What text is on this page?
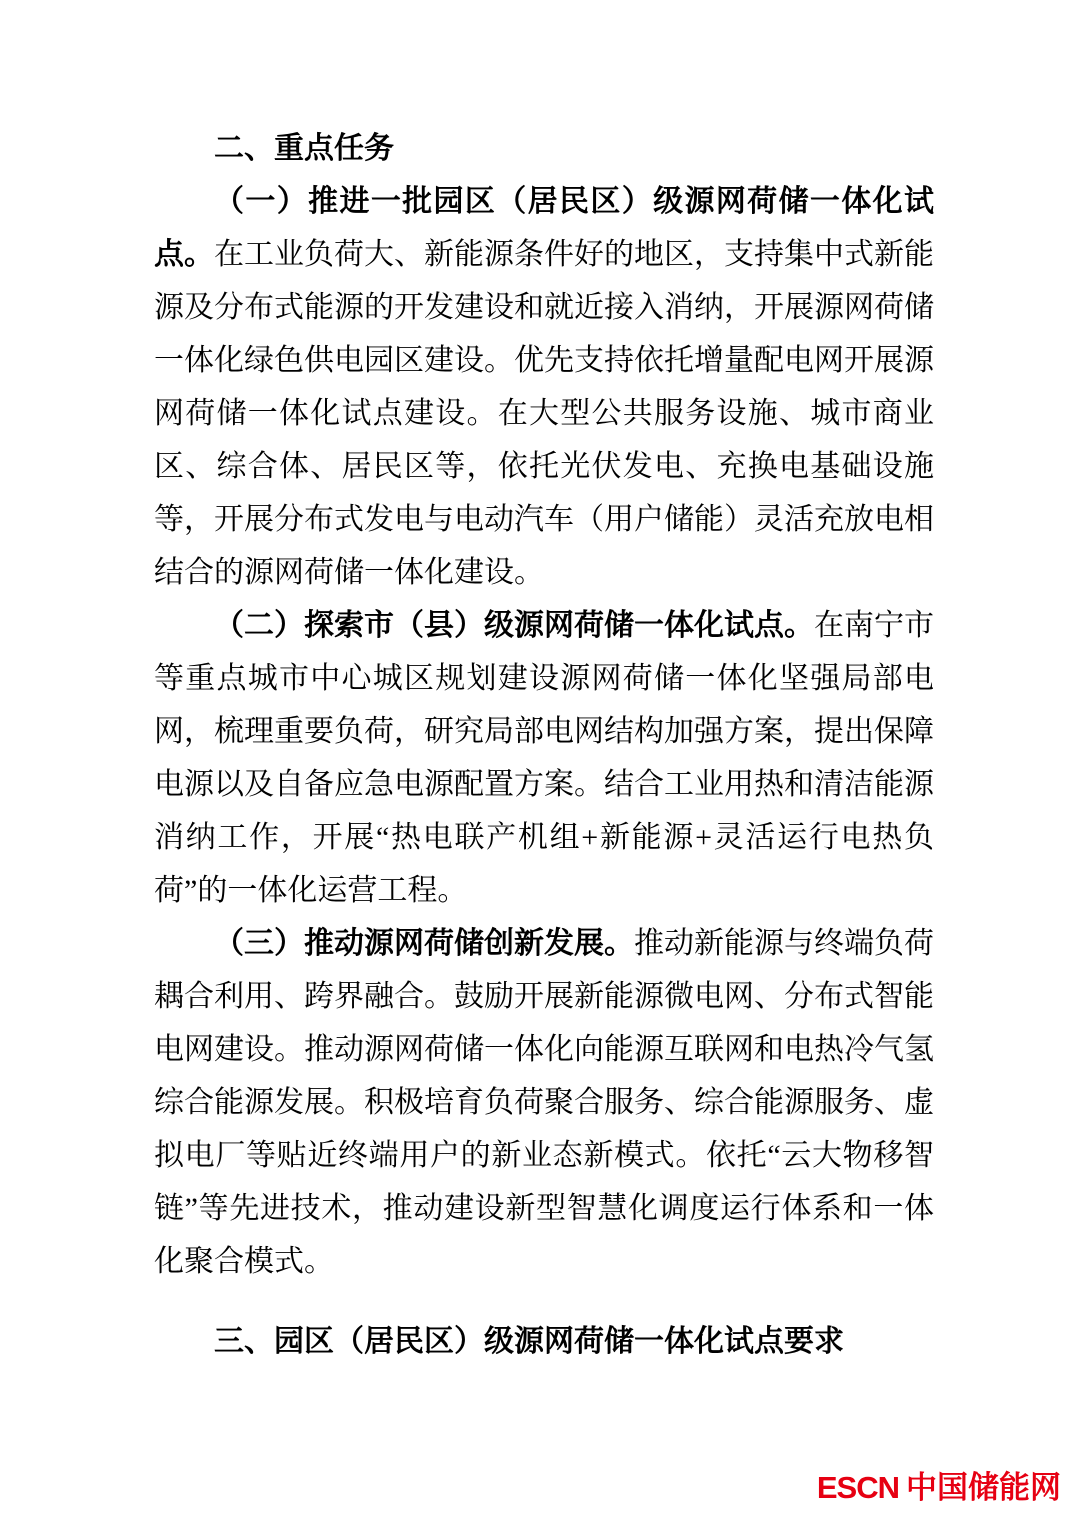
二、重点任务

（一）推进一批园区（居民区）级源网荷储一体化试点。在工业负荷大、新能源条件好的地区，支持集中式新能源及分布式能源的开发建设和就近接入消纳，开展源网荷储一体化绿色供电园区建设。优先支持依托增量配电网开展源网荷储一体化试点建设。在大型公共服务设施、城市商业区、综合体、居民区等，依托光伏发电、充换电基础设施等，开展分布式发电与电动汽车（用户储能）灵活充放电相结合的源网荷储一体化建设。

（二）探索市（县）级源网荷储一体化试点。在南宁市等重点城市中心城区规划建设源网荷储一体化坚强局部电网，梳理重要负荷，研究局部电网结构加强方案，提出保障电源以及自备应急电源配置方案。结合工业用热和清洁能源消纳工作，开展“热电联产机组+新能源+灵活运行电热负荷”的一体化运营工程。

（三）推动源网荷储创新发展。推动新能源与终端负荷耦合利用、跨界融合。鼓励开展新能源微电网、分布式智能电网建设。推动源网荷储一体化向能源互联网和电热冷气氢综合能源发展。积极培育负荷聚合服务、综合能源服务、虚拟电厂等贴近终端用户的新业态新模式。依托“云大物移智链”等先进技术，推动建设新型智慧化调度运行体系和一体化聚合模式。

三、园区（居民区）级源网荷储一体化试点要求
ESCN 中国储能网
